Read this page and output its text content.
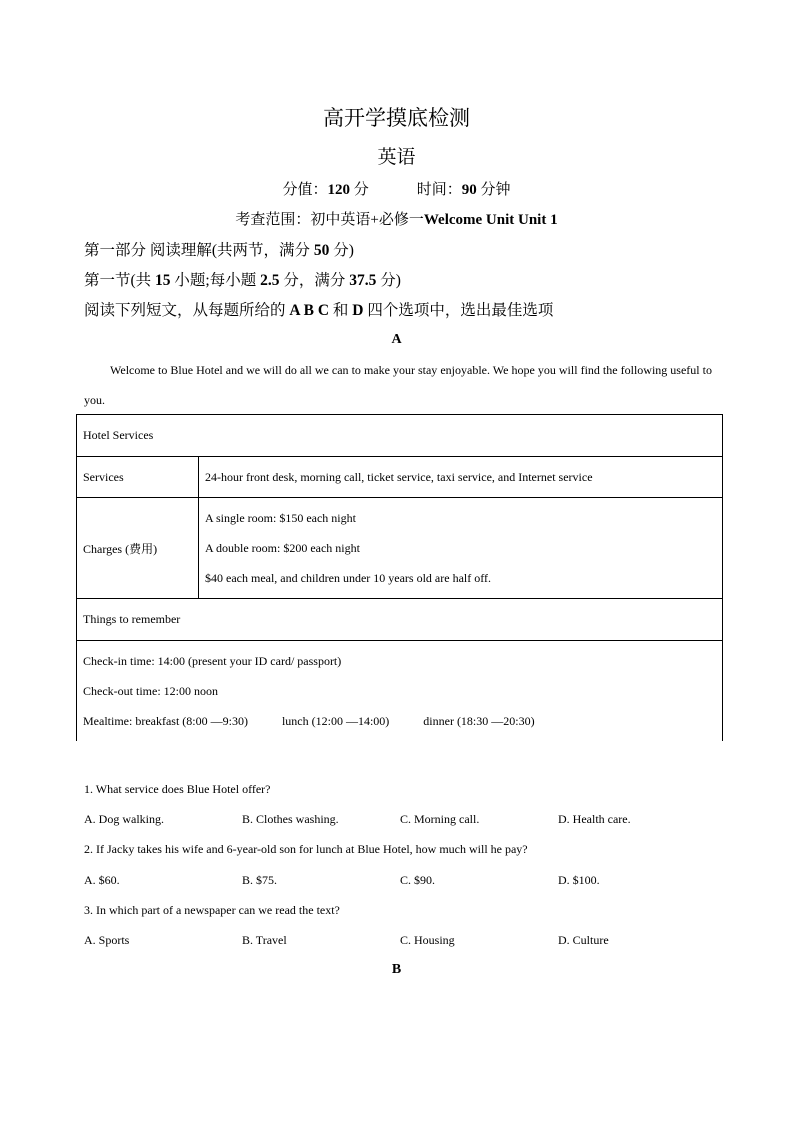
高开学摸底检测
英语
分值：120 分	时间：90 分钟
考查范围：初中英语+必修一Welcome Unit Unit 1
第一部分 阅读理解(共两节，满分 50 分)
第一节(共 15 小题;每小题 2.5 分，满分 37.5 分)
阅读下列短文，从每题所给的 A B C 和 D 四个选项中，选出最佳选项
A
Welcome to Blue Hotel and we will do all we can to make your stay enjoyable. We hope you will find the following useful to you.
Hotel Services	
Services	24-hour front desk, morning call, ticket service, taxi service, and Internet service
Charges (费用)	A single room: $150 each night
A double room: $200 each night
$40 each meal, and children under 10 years old are half off.

Things to remember	

Check-in time: 14:00 (present your ID card/ passport)
Check-out time: 12:00 noon
Mealtime: breakfast (8:00 —9:30) lunch (12:00 —14:00) dinner (18:30 —20:30)	
1. What service does Blue Hotel offer?
A. Dog walking.	B. Clothes washing.	C. Morning call.	D. Health care.
2. If Jacky takes his wife and 6-year-old son for lunch at Blue Hotel, how much will he pay?
A. $60.	B. $75.	C. $90.	D. $100.
3. In which part of a newspaper can we read the text?
A. Sports	B. Travel	C. Housing	D. Culture
B
